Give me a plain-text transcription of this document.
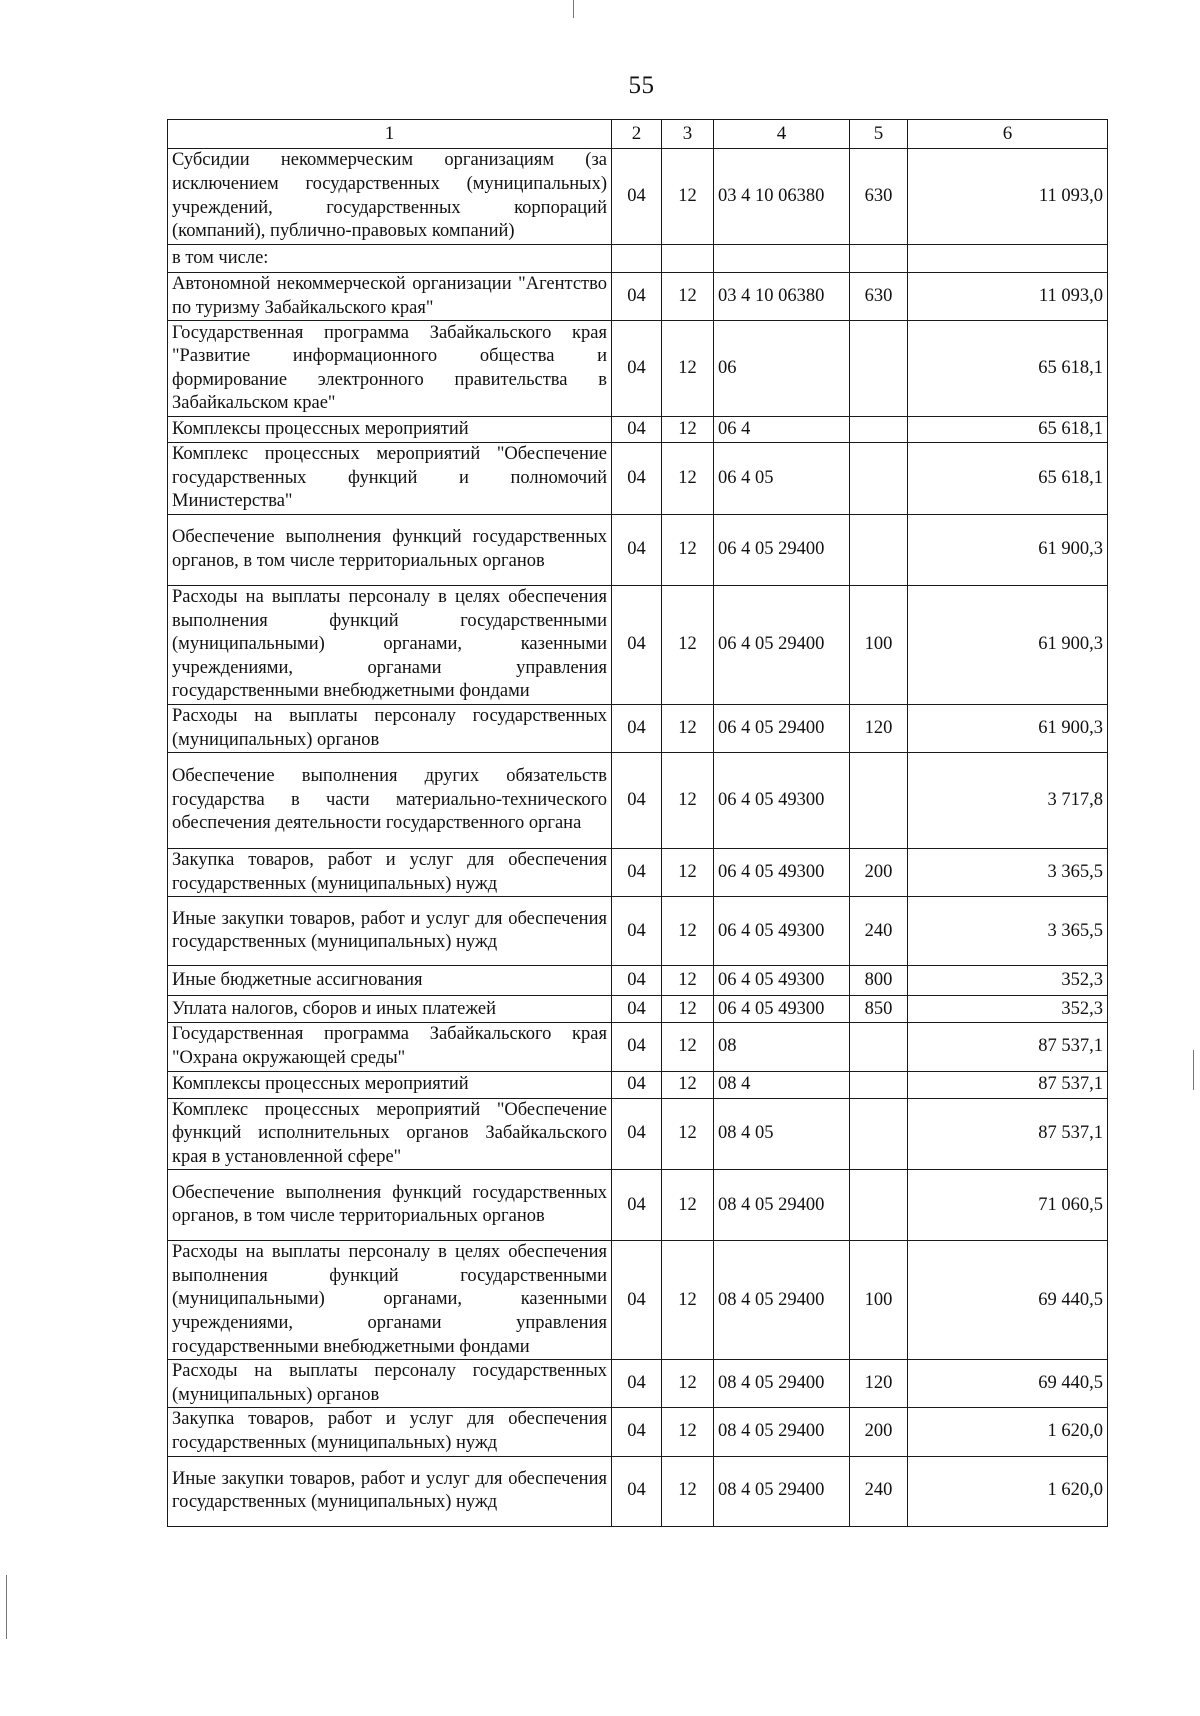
55
1	2	3	4	5	6
Субсидии некоммерческим организациям (за исключением государственных (муниципальных) учреждений, государственных корпораций (компаний), публично-правовых компаний)	04	12	03 4 10 06380	630	11 093,0
в том числе:					
Автономной некоммерческой организации "Агентство по туризму Забайкальского края"	04	12	03 4 10 06380	630	11 093,0
Государственная программа Забайкальского края "Развитие информационного общества и формирование электронного правительства в Забайкальском крае"	04	12	06		65 618,1
Комплексы процессных мероприятий	04	12	06 4		65 618,1
Комплекс процессных мероприятий "Обеспечение государственных функций и полномочий Министерства"	04	12	06 4 05		65 618,1
Обеспечение выполнения функций государственных органов, в том числе территориальных органов	04	12	06 4 05 29400		61 900,3
Расходы на выплаты персоналу в целях обеспечения выполнения функций государственными (муниципальными) органами, казенными учреждениями, органами управления государственными внебюджетными фондами	04	12	06 4 05 29400	100	61 900,3
Расходы на выплаты персоналу государственных (муниципальных) органов	04	12	06 4 05 29400	120	61 900,3
Обеспечение выполнения других обязательств государства в части материально-технического обеспечения деятельности государственного органа	04	12	06 4 05 49300		3 717,8
Закупка товаров, работ и услуг для обеспечения государственных (муниципальных) нужд	04	12	06 4 05 49300	200	3 365,5
Иные закупки товаров, работ и услуг для обеспечения государственных (муниципальных) нужд	04	12	06 4 05 49300	240	3 365,5
Иные бюджетные ассигнования	04	12	06 4 05 49300	800	352,3
Уплата налогов, сборов и иных платежей	04	12	06 4 05 49300	850	352,3
Государственная программа Забайкальского края "Охрана окружающей среды"	04	12	08		87 537,1
Комплексы процессных мероприятий	04	12	08 4		87 537,1
Комплекс процессных мероприятий "Обеспечение функций исполнительных органов Забайкальского края в установленной сфере"	04	12	08 4 05		87 537,1
Обеспечение выполнения функций государственных органов, в том числе территориальных органов	04	12	08 4 05 29400		71 060,5
Расходы на выплаты персоналу в целях обеспечения выполнения функций государственными (муниципальными) органами, казенными учреждениями, органами управления государственными внебюджетными фондами	04	12	08 4 05 29400	100	69 440,5
Расходы на выплаты персоналу государственных (муниципальных) органов	04	12	08 4 05 29400	120	69 440,5
Закупка товаров, работ и услуг для обеспечения государственных (муниципальных) нужд	04	12	08 4 05 29400	200	1 620,0
Иные закупки товаров, работ и услуг для обеспечения государственных (муниципальных) нужд	04	12	08 4 05 29400	240	1 620,0
